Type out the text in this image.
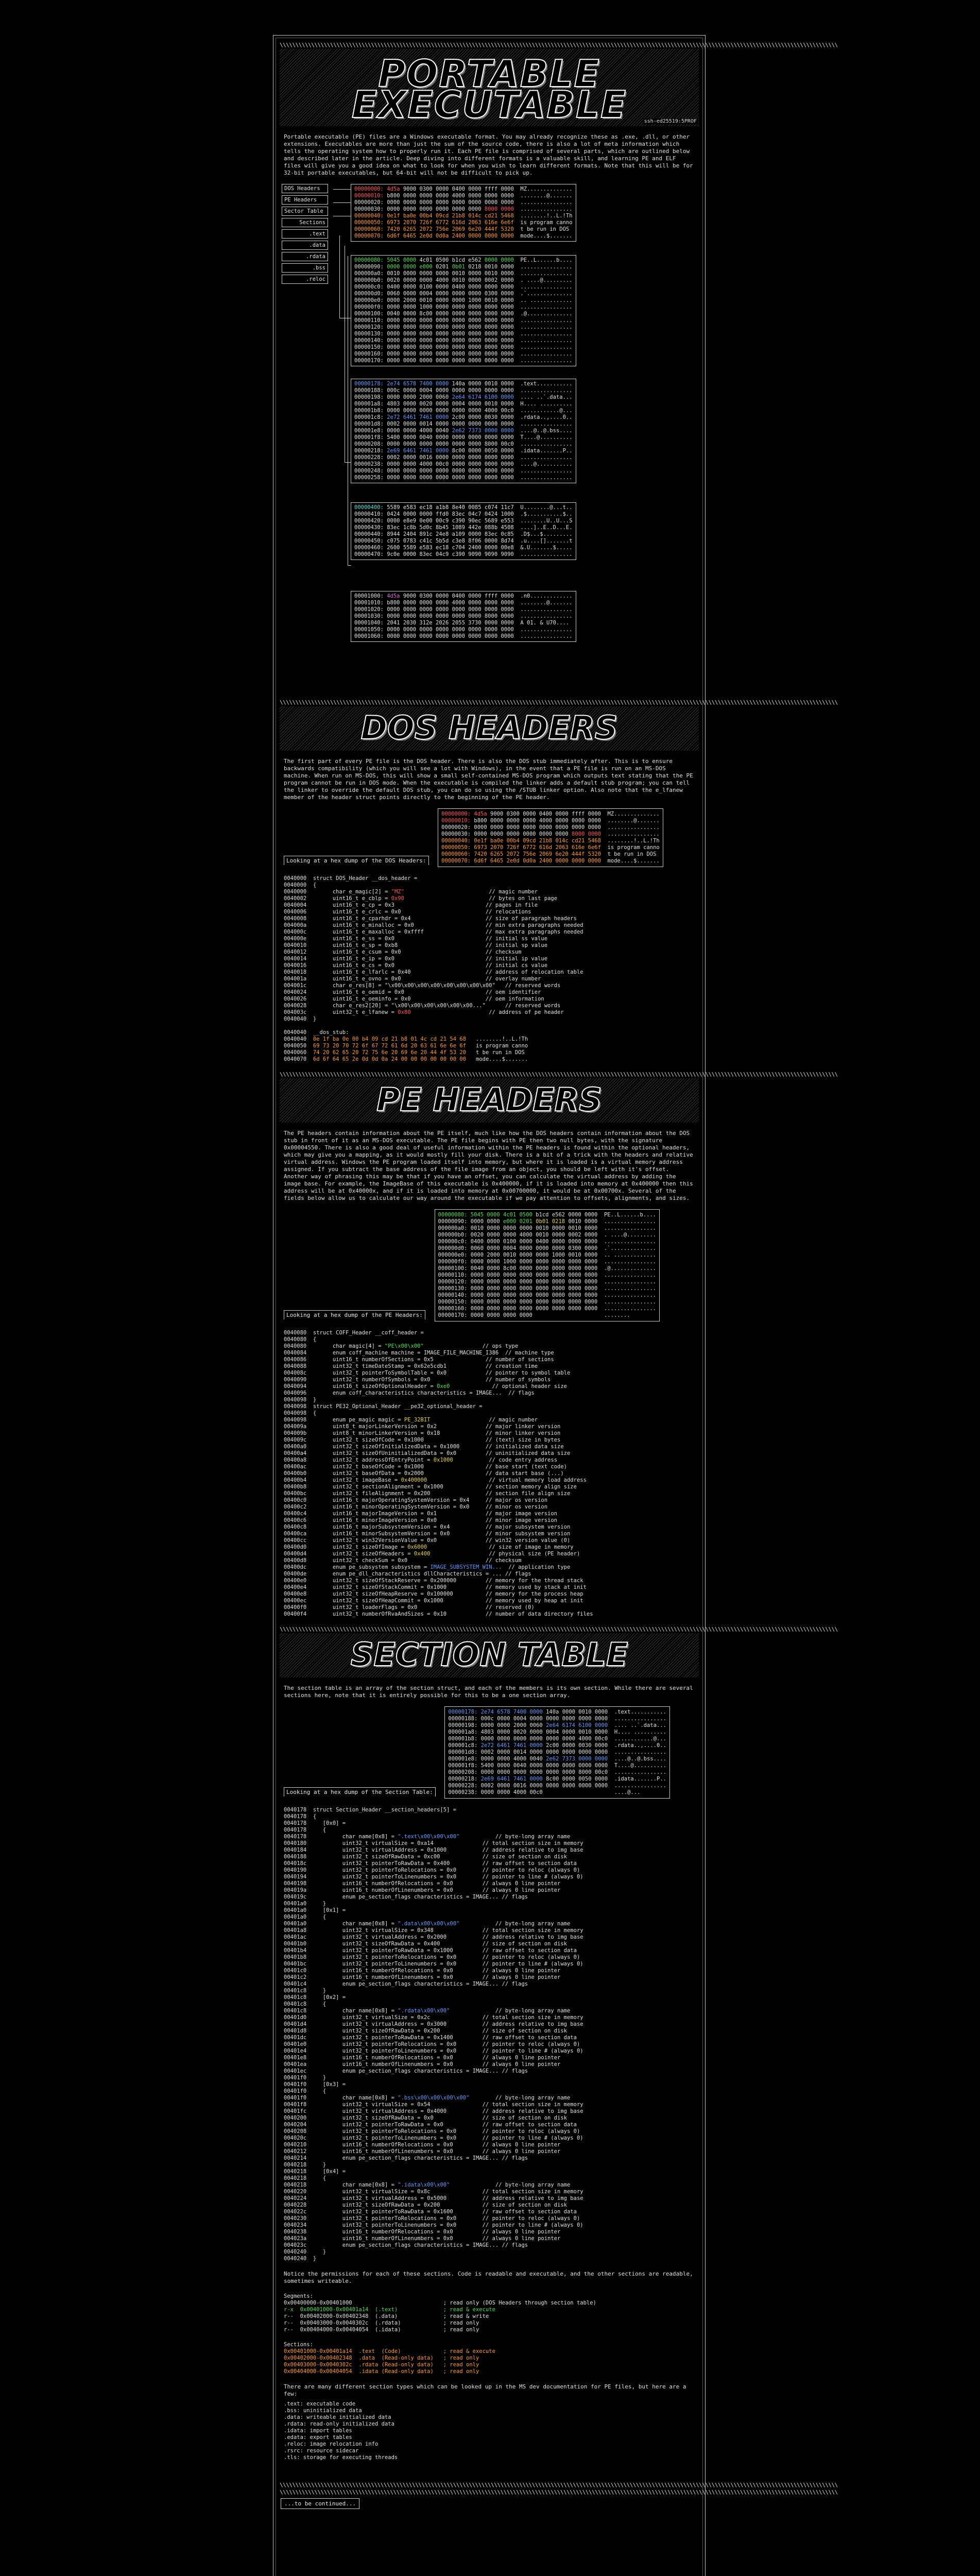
\\\\\\\\\\\\\\\\\\\\\\\\\\\\\\\\\\\\\\\\\\\\\\\\\\\\\\\\\\\\\\\\\\\\\\\\\\\\\\\\\\\\\\\\\\\\\\\\\\\\\\\\\\\\\\\\\\\\\\\\\\\\\\\\\\\\\\\\\\\\\\\\\\\\\\\\\\\\\\\\\\\\\\\\\\\\\\\\\
PORTABLE
EXECUTABLE	ssh-ed25519:5PROF

Portable executable (PE) files are a Windows executable format. You may already recognize these as .exe, .dll, or other extensions. Executables are more than just the sum of the source code, there is also a lot of meta information which tells the operating system how to properly run it. Each PE file is comprised of several parts, which are outlined below and described later in the article. Deep diving into different formats is a valuable skill, and learning PE and ELF files will give you a good idea on what to look for when you wish to learn different formats. Note that this will be for 32-bit portable executables, but 64-bit will not be difficult to pick up.

DOS Headers
PE Headers
Sector Table
Sections
.text
.data
.rdata
.bss
.reloc
00000000: 4d5a 9000 0300 0000 0400 0000 ffff 0000  MZ..............
00000010: b800 0000 0000 0000 4000 0000 0000 0000  ........@.......
00000020: 0000 0000 0000 0000 0000 0000 0000 0000  ................
00000030: 0000 0000 0000 0000 0000 0000 8000 0000  ................
00000040: 0e1f ba0e 00b4 09cd 21b8 014c cd21 5468  ........!..L.!Th
00000050: 6973 2070 726f 6772 616d 2063 616e 6e6f  is program canno
00000060: 7420 6265 2072 756e 2069 6e20 444f 5320  t be run in DOS
00000070: 6d6f 6465 2e0d 0d0a 2400 0000 0000 0000  mode....$.......
00000080: 5045 0000 4c01 0500 b1cd e562 0000 0000  PE..L......b....
00000090: 0000 0000 e000 0201 0b01 0218 0010 0000  ................
000000a0: 0010 0000 0000 0000 0010 0000 0010 0000  ................
000000b0: 0020 0000 0000 4000 0010 0000 0002 0000  . ....@.........
000000c0: 0400 0000 0100 0000 0400 0000 0000 0000  ................
000000d0: 0060 0000 0004 0000 0000 0000 0300 0000  .`..............
000000e0: 0000 2000 0010 0000 0000 1000 0010 0000  .. .............
000000f0: 0000 0000 1000 0000 0000 0000 0000 0000  ................
00000100: 0040 0000 8c00 0000 0000 0000 0000 0000  .@..............
00000110: 0000 0000 0000 0000 0000 0000 0000 0000  ................
00000120: 0000 0000 0000 0000 0000 0000 0000 0000  ................
00000130: 0000 0000 0000 0000 0000 0000 0000 0000  ................
00000140: 0000 0000 0000 0000 0000 0000 0000 0000  ................
00000150: 0000 0000 0000 0000 0000 0000 0000 0000  ................
00000160: 0000 0000 0000 0000 0000 0000 0000 0000  ................
00000170: 0000 0000 0000 0000 0000 0000 0000 0000  ................
00000178: 2e74 6578 7400 0000 140a 0000 0010 0000  .text...........
00000188: 000c 0000 0004 0000 0000 0000 0000 0000  ................
00000198: 0000 0000 2000 0060 2e64 6174 6100 0000  .... ..`.data...
000001a8: 4803 0000 0020 0000 0004 0000 0010 0000  H.... ..........
000001b8: 0000 0000 0000 0000 0000 0000 4000 00c0  ............@...
000001c8: 2e72 6461 7461 0000 2c00 0000 0030 0000  .rdata..,....0..
000001d8: 0002 0000 0014 0000 0000 0000 0000 0000  ................
000001e8: 0000 0000 4000 0040 2e62 7373 0000 0000  ....@..@.bss....
000001f8: 5400 0000 0040 0000 0000 0000 0000 0000  T....@..........
00000208: 0000 0000 0000 0000 0000 0000 8000 00c0  ................
00000218: 2e69 6461 7461 0000 8c00 0000 0050 0000  .idata.......P..
00000228: 0002 0000 0016 0000 0000 0000 0000 0000  ................
00000238: 0000 0000 4000 00c0 0000 0000 0000 0000  ....@...........
00000248: 0000 0000 0000 0000 0000 0000 0000 0000  ................
00000258: 0000 0000 0000 0000 0000 0000 0000 0000  ................
00000400: 5589 e583 ec18 a1b8 8e40 0085 c074 11c7  U........@...t..
00000410: 0424 0000 0000 ffd0 83ec 04c7 0424 1000  .$...........$..
00000420: 0000 e8e9 0e00 00c9 c390 90ec 5689 e553  ........U..U...S
00000430: 83ec 1c8b 5d0c 8b45 1089 442e 088b 4508  ....]..E..D...E.
00000440: 8944 2404 891c 24e8 a109 0000 83ec 0c85  .D$...$.........
00000450: c075 0783 c41c 5b5d c3e8 8f06 0000 8d74  .u....[].......t
00000460: 2600 5589 e583 ec18 c704 2400 0000 00e8  &.U.......$.....
00000470: 9c0e 0000 83ec 04c9 c390 9090 9090 9090  ................
00001000: 4d5a 9000 0300 0000 0400 0000 ffff 0000  .n0.............
00001010: b800 0000 0000 0000 4000 0000 0000 0000  ........@.......
00001020: 0000 0000 0000 0000 0000 0000 0000 0000  ................
00001030: 0000 0000 0000 0000 0000 0000 8000 0000  ................
00001040: 2041 2030 312e 2026 2055 3730 0000 0000  A 01. & U70....
00001050: 0000 0000 0000 0000 0000 0000 0000 0000  ................
00001060: 0000 0000 0000 0000 0000 0000 0000 0000  ................
\\\\\\\\\\\\\\\\\\\\\\\\\\\\\\\\\\\\\\\\\\\\\\\\\\\\\\\\\\\\\\\\\\\\\\\\\\\\\\\\\\\\\\\\\\\\\\\\\\\\\\\\\\\\\\\\\\\\\\\\\\\\\\\\\\\\\\\\\\\\\\\\\\\\\\\\\\\\\\\\\\\\\\\\\\\\\\\\\
DOS HEADERS

The first part of every PE file is the DOS header. There is also the DOS stub immediately after. This is to ensure backwards compatibility (which you will see a lot with Windows), in the event that a PE file is run on an MS-DOS machine. When run on MS-DOS, this will show a small self-contained MS-DOS program which outputs text stating that the PE program cannot be run in DOS mode. When the executable is compiled the linker adds a default stub program; you can tell the linker to override the default DOS stub, you can do so using the /STUB linker option. Also note that the e_lfanew member of the header struct points directly to the beginning of the PE header.

Looking at a hex dump of the DOS Headers:
00000000: 4d5a 9000 0300 0000 0400 0000 ffff 0000  MZ..............
00000010: b800 0000 0000 0000 4000 0000 0000 0000  ........@.......
00000020: 0000 0000 0000 0000 0000 0000 0000 0000  ................
00000030: 0000 0000 0000 0000 0000 0000 8000 0000  ................
00000040: 0e1f ba0e 00b4 09cd 21b8 014c cd21 5468  ........!..L.!Th
00000050: 6973 2070 726f 6772 616d 2063 616e 6e6f  is program canno
00000060: 7420 6265 2072 756e 2069 6e20 444f 5320  t be run in DOS
00000070: 6d6f 6465 2e0d 0d0a 2400 0000 0000 0000  mode....$.......
0040000  struct DOS_Header __dos_header =
0040000  {
0040000        char e_magic[2] = "MZ"	// magic number
0040002        uint16_t e_cblp = 0x90	// bytes on last page
0040004        uint16_t e_cp = 0x3                            // pages in file
0040006        uint16_t e_crlc = 0x0                          // relocations
0040008        uint16_t e_cparhdr = 0x4                       // size of paragraph headers
004000a        uint16_t e_minalloc = 0x0                      // min extra paragraphs needed
004000c        uint16_t e_maxalloc = 0xffff                   // max extra paragraphs needed
004000e        uint16_t e_ss = 0x0                            // initial ss value
0040010        uint16_t e_sp = 0xb8                           // initial sp value
0040012        uint16_t e_csum = 0x0                          // checksum
0040014        uint16_t e_ip = 0x0                            // initial ip value
0040016        uint16_t e_cs = 0x0                            // initial cs value
0040018        uint16_t e_lfarlc = 0x40                       // address of relocation table
004001a        uint16_t e_ovno = 0x0                          // overlay number
004001c        char e_res[8] = "\x00\x00\x00\x00\x00\x00\x00\x00"   // reserved words
0040024        uint16_t e_oemid = 0x0                         // oem identifier
0040026        uint16_t e_oeminfo = 0x0                       // oem information
0040028        char e_res2[20] = "\x00\x00\x00\x00\x00\x00..."      // reserved words
004003c        uint32_t e_lfanew = 0x80	// address of pe header
0040040  }

0040040  __dos_stub:
0040040  0e 1f ba 0e 00 b4 09 cd 21 b8 01 4c cd 21 54 68   ........!..L.!Th
0040050  69 73 20 70 72 6f 67 72 61 6d 20 63 61 6e 6e 6f   is program canno
0040060  74 20 62 65 20 72 75 6e 20 69 6e 20 44 4f 53 20   t be run in DOS
0040070  6d 6f 64 65 2e 0d 0d 0a 24 00 00 00 00 00 00 00   mode....$.......
\\\\\\\\\\\\\\\\\\\\\\\\\\\\\\\\\\\\\\\\\\\\\\\\\\\\\\\\\\\\\\\\\\\\\\\\\\\\\\\\\\\\\\\\\\\\\\\\\\\\\\\\\\\\\\\\\\\\\\\\\\\\\\\\\\\\\\\\\\\\\\\\\\\\\\\\\\\\\\\\\\\\\\\\\\\\\\\\\
PE HEADERS

The PE headers contain information about the PE itself, much like how the DOS headers contain information about the DOS stub in front of it as an MS-DOS executable. The PE file begins with PE then two null bytes, with the signature 0x00004550. There is also a good deal of useful information within the PE headers is found within the optional headers, which may give you a mapping, as it would mostly fill your disk. There is a bit of a trick with the headers and relative virtual address. Windows the PE program loaded itself into memory, but where it is loaded is a virtual memory address assigned. If you subtract the base address of the file image from an object, you should be left with it's offset. Another way of phrasing this may be that if you have an offset, you can calculate the virtual address by adding the image base. For example, the ImageBase of this executable is 0x400000, if it is loaded into memory at 0x400000 then this address will be at 0x40000x, and if it is loaded into memory at 0x00700000, it would be at 0x00700x. Several of the fields below allow us to calculate our way around the executable if we pay attention to offsets, alignments, and sizes.

Looking at a hex dump of the PE Headers:
00000080: 5045 0000 4c01 0500 b1cd e562 0000 0000  PE..L......b....
00000090: 0000 0000 e000 0201 0b01 0218 0010 0000  ................
000000a0: 0010 0000 0000 0000 0010 0000 0010 0000  ................
000000b0: 0020 0000 0000 4000 0010 0000 0002 0000  . ....@.........
000000c0: 0400 0000 0100 0000 0400 0000 0000 0000  ................
000000d0: 0060 0000 0004 0000 0000 0000 0300 0000  .`..............
000000e0: 0000 2000 0010 0000 0000 1000 0010 0000  .. .............
000000f0: 0000 0000 1000 0000 0000 0000 0000 0000  ................
00000100: 0040 0000 8c00 0000 0000 0000 0000 0000  .@..............
00000110: 0000 0000 0000 0000 0000 0000 0000 0000  ................
00000120: 0000 0000 0000 0000 0000 0000 0000 0000  ................
00000130: 0000 0000 0000 0000 0000 0000 0000 0000  ................
00000140: 0000 0000 0000 0000 0000 0000 0000 0000  ................
00000150: 0000 0000 0000 0000 0000 0000 0000 0000  ................
00000160: 0000 0000 0000 0000 0000 0000 0000 0000  ................
00000170: 0000 0000 0000 0000                      ........
0040080  struct COFF_Header __coff_header =
0040080  {
0040080        char magic[4] = "PE\x00\x00"	// ops type
0040084        enum coff_machine machine = IMAGE_FILE_MACHINE_I386  // machine type
0040086        uint16_t numberOfSections = 0x5                // number of sections
0040088        uint32_t timeDateStamp = 0x62e5cdb1            // creation time
004008c        uint32_t pointerToSymbolTable = 0x0            // pointer to symbol table
0040090        uint32_t numberOfSymbols = 0x0                 // number of symbols
0040094        uint16_t sizeOfOptionalHeader = 0xe0	// optional header size
0040096        enum coff_characteristics characteristics = IMAGE...  // flags
0040098  }
0040098  struct PE32_Optional_Header __pe32_optional_header =
0040098  {
0040098        enum pe_magic magic = PE_32BIT	// magic number
004009a        uint8_t majorLinkerVersion = 0x2               // major linker version
004009b        uint8_t minorLinkerVersion = 0x18              // minor linker version
004009c        uint32_t sizeOfCode = 0x1000                   // (text) size in bytes
00400a0        uint32_t sizeOfInitializedData = 0x1000        // initialized data size
00400a4        uint32_t sizeOfUninitializedData = 0x0         // uninitialized data size
00400a8        uint32_t addressOfEntryPoint = 0x1000	// code entry address
00400ac        uint32_t baseOfCode = 0x1000                   // base start (text code)
00400b0        uint32_t baseOfData = 0x2000                   // data start base (...)
00400b4        uint32_t imageBase = 0x400000	// virtual memory load address
00400b8        uint32_t sectionAlignment = 0x1000             // section memory align size
00400bc        uint32_t fileAlignment = 0x200                 // section file align size
00400c0        uint16_t majorOperatingSystemVersion = 0x4     // major os version
00400c2        uint16_t minorOperatingSystemVersion = 0x0     // minor os version
00400c4        uint16_t majorImageVersion = 0x1               // major image version
00400c6        uint16_t minorImageVersion = 0x0               // minor image version
00400c8        uint16_t majorSubsystemVersion = 0x4           // major subsystem version
00400ca        uint16_t minorSubsystemVersion = 0x0           // minor subsystem version
00400cc        uint32_t win32VersionValue = 0x0               // win32 version value (0)
00400d0        uint32_t sizeOfImage = 0x6000	// size of image in memory
00400d4        uint32_t sizeOfHeaders = 0x400	// physical size (PE header)
00400d8        uint32_t checkSum = 0x0                        // checksum
00400dc        enum pe_subsystem subsystem = IMAGE_SUBSYSTEM_WIN...  // application type
00400de        enum pe_dll_characteristics dllCharacteristics = ... // flags
00400e0        uint32_t sizeOfStackReserve = 0x200000         // memory for the thread stack
00400e4        uint32_t sizeOfStackCommit = 0x1000            // memory used by stack at init
00400e8        uint32_t sizeOfHeapReserve = 0x100000          // memory for the process heap
00400ec        uint32_t sizeOfHeapCommit = 0x1000             // memory used by heap at init
00400f0        uint32_t loaderFlags = 0x0                     // reserved (0)
00400f4        uint32_t numberOfRvaAndSizes = 0x10            // number of data directory files
\\\\\\\\\\\\\\\\\\\\\\\\\\\\\\\\\\\\\\\\\\\\\\\\\\\\\\\\\\\\\\\\\\\\\\\\\\\\\\\\\\\\\\\\\\\\\\\\\\\\\\\\\\\\\\\\\\\\\\\\\\\\\\\\\\\\\\\\\\\\\\\\\\\\\\\\\\\\\\\\\\\\\\\\\\\\\\\\\
SECTION TABLE

The section table is an array of the section struct, and each of the members is its own section. While there are several sections here, note that it is entirely possible for this to be a one section array.

Looking at a hex dump of the Section Table:
00000178: 2e74 6578 7400 0000 140a 0000 0010 0000  .text...........
00000188: 000c 0000 0004 0000 0000 0000 0000 0000  ................
00000198: 0000 0000 2000 0060 2e64 6174 6100 0000  .... ..`.data...
000001a8: 4803 0000 0020 0000 0004 0000 0010 0000  H.... ..........
000001b8: 0000 0000 0000 0000 0000 0000 4000 00c0  ............@...
000001c8: 2e72 6461 7461 0000 2c00 0000 0030 0000  .rdata..,....0..
000001d8: 0002 0000 0014 0000 0000 0000 0000 0000  ................
000001e8: 0000 0000 4000 0040 2e62 7373 0000 0000  ....@..@.bss....
000001f8: 5400 0000 0040 0000 0000 0000 0000 0000  T....@..........
00000208: 0000 0000 0000 0000 0000 0000 8000 00c0  ................
00000218: 2e69 6461 7461 0000 8c00 0000 0050 0000  .idata.......P..
00000228: 0002 0000 0016 0000 0000 0000 0000 0000  ................
00000238: 0000 0000 4000 00c0                      ....@...
0040178  struct Section_Header __section_headers[5] =
0040178  {
0040178     [0x0] =
0040178     {
0040178           char name[0x8] = ".text\x00\x00\x00"	// byte-long array name
0040180           uint32_t virtualSize = 0xa14               // total section size in memory
0040184           uint32_t virtualAddress = 0x1000           // address relative to img base
0040188           uint32_t sizeOfRawData = 0xc00             // size of section on disk
004018c           uint32_t pointerToRawData = 0x400          // raw offset to section data
0040190           uint32_t pointerToRelocations = 0x0        // pointer to reloc (always 0)
0040194           uint32_t pointerToLinenumbers = 0x0        // pointer to line # (always 0)
0040198           uint16_t numberOfRelocations = 0x0         // always 0 line pointer
004019a           uint16_t numberOfLinenumbers = 0x0         // always 0 line pointer
004019c           enum pe_section_flags characteristics = IMAGE... // flags
00401a0     }
00401a0     [0x1] =
00401a0     {
00401a0           char name[0x8] = ".data\x00\x00\x00"	// byte-long array name
00401a8           uint32_t virtualSize = 0x348               // total section size in memory
00401ac           uint32_t virtualAddress = 0x2000           // address relative to img base
00401b0           uint32_t sizeOfRawData = 0x400             // size of section on disk
00401b4           uint32_t pointerToRawData = 0x1000         // raw offset to section data
00401b8           uint32_t pointerToRelocations = 0x0        // pointer to reloc (always 0)
00401bc           uint32_t pointerToLinenumbers = 0x0        // pointer to line # (always 0)
00401c0           uint16_t numberOfRelocations = 0x0         // always 0 line pointer
00401c2           uint16_t numberOfLinenumbers = 0x0         // always 0 line pointer
00401c4           enum pe_section_flags characteristics = IMAGE... // flags
00401c8     }
00401c8     [0x2] =
00401c8     {
00401c8           char name[0x8] = ".rdata\x00\x00"	// byte-long array name
00401d0           uint32_t virtualSize = 0x2c                // total section size in memory
00401d4           uint32_t virtualAddress = 0x3000           // address relative to img base
00401d8           uint32_t sizeOfRawData = 0x200             // size of section on disk
00401dc           uint32_t pointerToRawData = 0x1400         // raw offset to section data
00401e0           uint32_t pointerToRelocations = 0x0        // pointer to reloc (always 0)
00401e4           uint32_t pointerToLinenumbers = 0x0        // pointer to line # (always 0)
00401e8           uint16_t numberOfRelocations = 0x0         // always 0 line pointer
00401ea           uint16_t numberOfLinenumbers = 0x0         // always 0 line pointer
00401ec           enum pe_section_flags characteristics = IMAGE... // flags
00401f0     }
00401f0     [0x3] =
00401f0     {
00401f0           char name[0x8] = ".bss\x00\x00\x00\x00"	// byte-long array name
00401f8           uint32_t virtualSize = 0x54                // total section size in memory
00401fc           uint32_t virtualAddress = 0x4000           // address relative to img base
0040200           uint32_t sizeOfRawData = 0x0               // size of section on disk
0040204           uint32_t pointerToRawData = 0x0            // raw offset to section data
0040208           uint32_t pointerToRelocations = 0x0        // pointer to reloc (always 0)
004020c           uint32_t pointerToLinenumbers = 0x0        // pointer to line # (always 0)
0040210           uint16_t numberOfRelocations = 0x0         // always 0 line pointer
0040212           uint16_t numberOfLinenumbers = 0x0         // always 0 line pointer
0040214           enum pe_section_flags characteristics = IMAGE... // flags
0040218     }
0040218     [0x4] =
0040218     {
0040218           char name[0x8] = ".idata\x00\x00"	// byte-long array name
0040220           uint32_t virtualSize = 0x8c                // total section size in memory
0040224           uint32_t virtualAddress = 0x5000           // address relative to img base
0040228           uint32_t sizeOfRawData = 0x200             // size of section on disk
004022c           uint32_t pointerToRawData = 0x1600         // raw offset to section data
0040230           uint32_t pointerToRelocations = 0x0        // pointer to reloc (always 0)
0040234           uint32_t pointerToLinenumbers = 0x0        // pointer to line # (always 0)
0040238           uint16_t numberOfRelocations = 0x0         // always 0 line pointer
004023a           uint16_t numberOfLinenumbers = 0x0         // always 0 line pointer
004023c           enum pe_section_flags characteristics = IMAGE... // flags
0040240     }
0040240  }

Notice the permissions for each of these sections. Code is readable and executable, and the other sections are readable, sometimes writeable.

Segments:
0x00400000-0x00401000                            ; read only (DOS Headers through section table)
r-x  0x00401000-0x00401a14  (.text)              ; read & execute
r--  0x00402000-0x00402348  (.data)              ; read & write
r--  0x00403000-0x0040302c  (.rdata)             ; read only
r--  0x00404000-0x00404054  (.idata)             ; read only
Sections:
0x00401000-0x00401a14  .text  (Code)             ; read & execute
0x00402000-0x00402348  .data  (Read-only data)   ; read only
0x00403000-0x0040302c  .rdata (Read-only data)   ; read only
0x00404000-0x00404054  .idata (Read-only data)   ; read only

There are many different section types which can be looked up in the MS dev documentation for PE files, but here are a few:

.text: executable code
.bss: uninitialized data
.data: writeable initialized data
.rdata: read-only initialized data
.idata: import tables
.edata: export tables
.reloc: image relocation info
.rsrc: resource sidecar
.tls: storage for executing threads
\\\\\\\\\\\\\\\\\\\\\\\\\\\\\\\\\\\\\\\\\\\\\\\\\\\\\\\\\\\\\\\\\\\\\\\\\\\\\\\\\\\\\\\\\\\\\\\\\\\\\\\\\\\\\\\\\\\\\\\\\\\\\\\\\\\\\\\\\\\\\\\\\\\\\\\\\\\\\\\\\\\\\\\\\\\\\\\\\
\\\\\\\\\\\\\\\\\\\\\\\\\\\\\\\\\\\\\\\\\\\\\\\\\\\\\\\\\\\\\\\\\\\\\\\\\\\\\\\\\\\\\\\\\\\\\\\\\\\\\\\\\\\\\\\\\\\\\\\\\\\\\\\\\\\\\\\\\\\\\\\\\\\\\\\\\\\\\\\\\\\\\\\\\\\\\\\\\
...to be continued...
